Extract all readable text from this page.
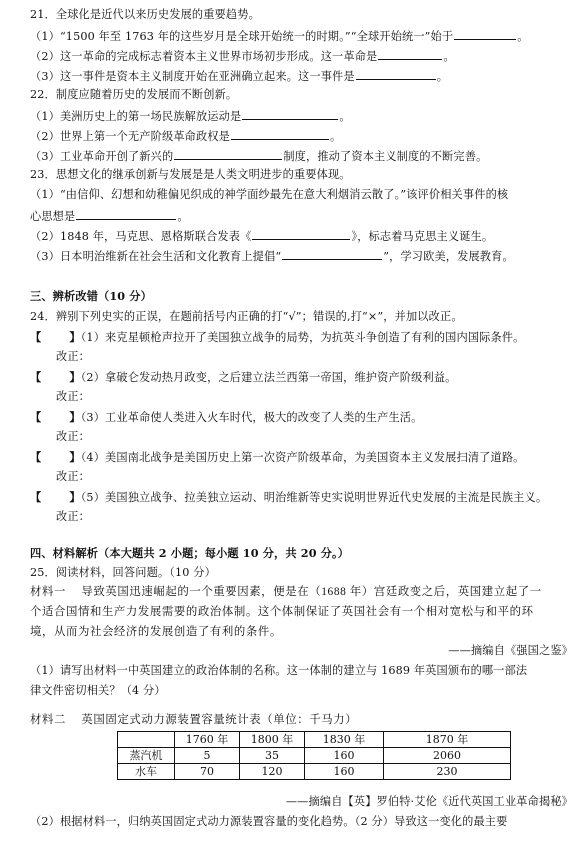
21．全球化是近代以来历史发展的重要趋势。
（1）“1500 年至 1763 年的这些岁月是全球开始统一的时期。”“全球开始统一”始于	。
（2）这一革命的完成标志着资本主义世界市场初步形成。这一革命是	。
（3）这一事件是资本主义制度开始在亚洲确立起来。这一事件是	。
22．制度应随着历史的发展而不断创新。
（1）美洲历史上的第一场民族解放运动是	。
（2）世界上第一个无产阶级革命政权是	。
（3）工业革命开创了新兴的	制度，推动了资本主义制度的不断完善。
23．思想文化的继承创新与发展是是人类文明进步的重要体现。
（1）“由信仰、幻想和幼稚偏见织成的神学面纱最先在意大利烟消云散了。”该评价相关事件的核
心思想是	。
（2）1848 年，马克思、恩格斯联合发表《	》，标志着马克思主义诞生。
（3）日本明治维新在社会生活和文化教育上提倡“	”，学习欧美，发展教育。
三、辨析改错（10 分）
24．辨别下列史实的正误，在题前括号内正确的打“√”；错误的,打“×”，并加以改正。
【	】（1）来克星顿枪声拉开了美国独立战争的局势，为抗英斗争创造了有利的国内国际条件。
改正：
【	】（2）拿破仑发动热月政变，之后建立法兰西第一帝国，维护资产阶级利益。
改正：
【	】（3）工业革命使人类进入火车时代，极大的改变了人类的生产生活。
改正：
【	】（4）美国南北战争是美国历史上第一次资产阶级革命，为美国资本主义发展扫清了道路。
改正：
【	】（5）美国独立战争、拉美独立运动、明治维新等史实说明世界近代史发展的主流是民族主义。
改正：
四、材料解析（本大题共 2 小题；每小题 10 分，共 20 分。）
25．阅读材料，回答问题。（10 分）
材料一　 导致英国迅速崛起的一个重要因素，便是在（1688 年）宫廷政变之后，英国建立起了一
个适合国情和生产力发展需要的政治体制。这个体制保证了英国社会有一个相对宽松与和平的环
境，从而为社会经济的发展创造了有利的条件。
——摘编自《强国之鉴》
（1）请写出材料一中英国建立的政治体制的名称。这一体制的建立与 1689 年英国颁布的哪一部法
律文件密切相关？（4 分）
材料二　 英国固定式动力源装置容量统计表（单位：千马力）
	1760 年	1800 年	1830 年	1870 年
蒸汽机	5	35	160	2060
水车	70	120	160	230
——摘编自【英】罗伯特·艾伦《近代英国工业革命揭秘》
（2）根据材料一，归纳英国固定式动力源装置容量的变化趋势。（2 分）导致这一变化的最主要
